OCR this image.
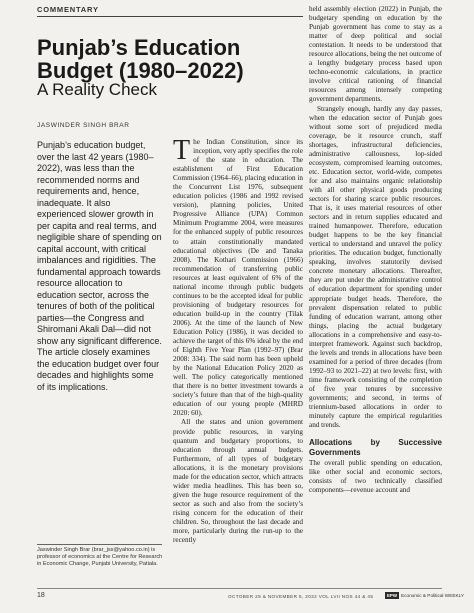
COMMENTARY
Punjab’s Education Budget (1980–2022)
A Reality Check
JASWINDER SINGH BRAR

Punjab’s education budget, over the last 42 years (1980–2022), was less than the recommended norms and requirements and, hence, inadequate. It also experienced slower growth in per capita and real terms, and negligible share of spending on capital account, with critical imbalances and rigidities. The fundamental approach towards resource allocation to education sector, across the tenures of both of the political parties—the Congress and Shiromani Akali Dal—did not show any significant difference. The article closely examines the education budget over four decades and highlights some of its implications.

The Indian Constitution, since its inception, very aptly specifies the role of the state in education. The establishment of First Education Commission (1964–66), placing education in the Concurrent List 1976, subsequent education policies (1986 and 1992 revised version), planning policies, United Progressive Alliance (UPA) Common Minimum Programme 2004, were measures for the enhanced supply of public resources to attain constitutionally mandated educational objectives (De and Tanaka 2008). The Kothari Commission (1966) recommendation of transferring public resources at least equivalent of 6% of the national income through public budgets continues to be the accepted ideal for public provisioning of budgetary resources for education build-up in the country (Tilak 2006). At the time of the launch of New Education Policy (1986), it was decided to achieve the target of this 6% ideal by the end of Eighth Five Year Plan (1992–97) (Brar 2008: 334). The said norm has been upheld by the National Education Policy 2020 as well. The policy categorically mentioned that there is no better investment towards a society’s future than that of the high-quality education of our young people (MHRD 2020: 60).

All the states and union government provide public resources, in varying quantum and budgetary proportions, to education through annual budgets. Furthermore, of all types of budgetary allocations, it is the monetary provisions made for the education sector, which attracts wider media headlines. This has been so, given the huge resource requirement of the sector as such and also from the society’s rising concern for the education of their children. So, throughout the last decade and more, particularly during the run-up to the recently

held assembly election (2022) in Punjab, the budgetary spending on education by the Punjab government has come to stay as a matter of deep political and social contestation. It needs to be understood that resource allocations, being the net outcome of a lengthy budgetary process based upon techno-economic calculations, in practice involve critical rationing of financial resources among intensely competing government departments.

Strangely enough, hardly any day passes, when the education sector of Punjab goes without some sort of prejudiced media coverage, be it resource crunch, staff shortages, infrastructural deficiencies, administrative callousness, lop-sided ecosystem, compromised learning outcomes, etc. Education sector, world-wide, competes for and also maintains organic relationship with all other physical goods producing sectors for sharing scarce public resources. That is, it uses material resources of other sectors and in return supplies educated and trained humanpower. Therefore, education budget happens to be the key financial vertical to understand and unravel the policy priorities. The education budget, functionally speaking, involves statutorily devised concrete monetary allocations. Thereafter, they are put under the administrative control of education department for spending under appropriate budget heads. Therefore, the prevalent dispensation related to public funding of education warrant, among other things, placing the actual budgetary allocations in a comprehensive and easy-to-interpret framework. Against such backdrop, the levels and trends in allocations have been examined for a period of three decades (from 1992–93 to 2021–22) at two levels: first, with time framework consisting of the completion of five year tenures by successive governments; and second, in terms of triennium-based allocations in order to minutely capture the empirical regularities and trends.

Allocations by Successive Governments

The overall public spending on education, like other social and economic sectors, consists of two technically classified components—revenue account and

Jaswinder Singh Brar (brar_jss@yahoo.co.in) is professor of economics at the Centre for Research in Economic Change, Punjabi University, Patiala.
18	OCTOBER 29 & NOVEMBER 5, 2022 VOL LVII NOS 44 & 45	EPW Economic & Political WEEKLY
